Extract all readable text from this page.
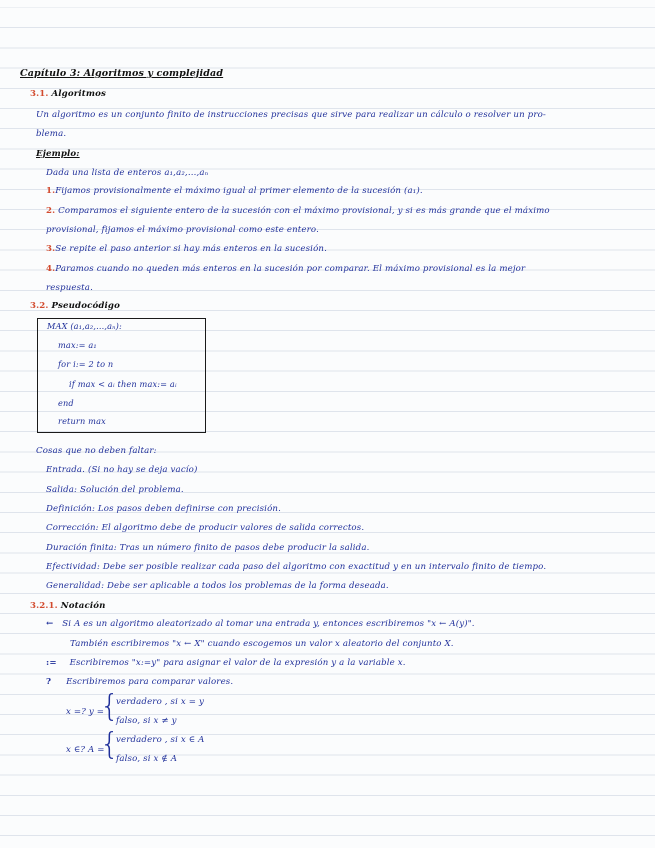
Capítulo 3: Algoritmos y complejidad
3.1. Algoritmos
Un algoritmo es un conjunto finito de instrucciones precisas que sirve para realizar un cálculo o resolver un pro-
blema.
Ejemplo:
Dada una lista de enteros a₁,a₂,...,aₙ
1.Fijamos provisionalmente el máximo igual al primer elemento de la sucesión (a₁).
2. Comparamos el siguiente entero de la sucesión con el máximo provisional, y si es más grande que el máximo
provisional, fijamos el máximo provisional como este entero.
3.Se repite el paso anterior si hay más enteros en la sucesión.
4.Paramos cuando no queden más enteros en la sucesión por comparar. El máximo provisional es la mejor
respuesta.
3.2. Pseudocódigo
MAX (a₁,a₂,...,aₙ):
max:= a₁
for i:= 2 to n
if max < aᵢ then max:= aᵢ
end
return max
Cosas que no deben faltar:
Entrada. (Si no hay se deja vacío)
Salida: Solución del problema.
Definición: Los pasos deben definirse con precisión.
Corrección: El algoritmo debe de producir valores de salida correctos.
Duración finita: Tras un número finito de pasos debe producir la salida.
Efectividad: Debe ser posible realizar cada paso del algoritmo con exactitud y en un intervalo finito de tiempo.
Generalidad: Debe ser aplicable a todos los problemas de la forma deseada.
3.2.1. Notación
← Si A es un algoritmo aleatorizado al tomar una entrada y, entonces escribiremos "x ← A(y)".
También escribiremos "x ← X" cuando escogemos un valor x aleatorio del conjunto X.
:= Escribiremos "x:=y" para asignar el valor de la expresión y a la variable x.
? Escribiremos para comparar valores.
x =? y =
{
verdadero , si x = y
falso, si x ≠ y
x ∈? A =
{
verdadero , si x ∈ A
falso, si x ∉ A
